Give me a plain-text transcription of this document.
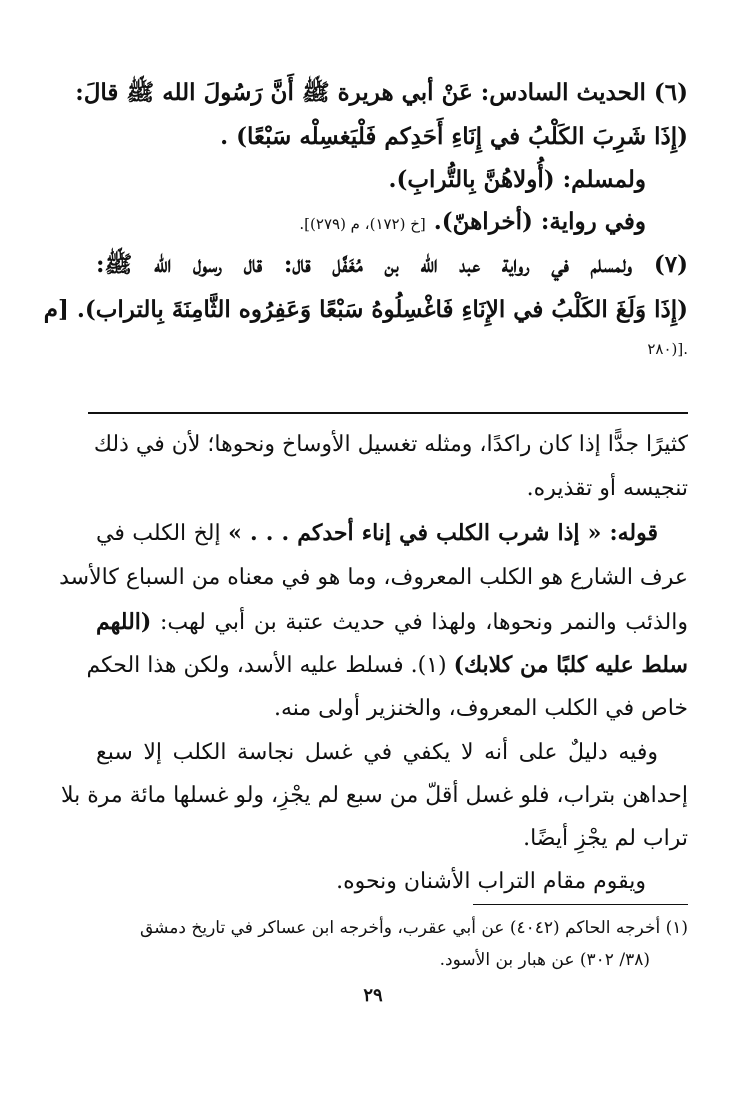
(٦) الحديث السادس: عَنْ أبي هريرة ﷺ أَنَّ رَسُولَ الله ﷺ قالَ:
(إِذَا شَرِبَ الكَلْبُ في إِنَاءِ أَحَدِكم فَلْيَغسِلْه سَبْعًا) .
ولمسلم: (أُولاهُنَّ بِالتُّرابِ).
وفي رواية: (أخراهنّ). [خ (١٧٢)، م (٢٧٩)].
(٧) ولمسلم في رواية عبد الله بن مُغَفَّل قال: قال رسول الله ﷺ:
(إِذَا وَلَغَ الكَلْبُ في الإِنَاءِ فَاغْسِلُوهُ سَبْعًا وَعَفِرُوه الثَّامِنَةَ بِالتراب). [م
.[(٢٨٠
كثيرًا جدًّا إذا كان راكدًا، ومثله تغسيل الأوساخ ونحوها؛ لأن في ذلك
تنجيسه أو تقذيره.
قوله: « إذا شرب الكلب في إناء أحدكم . . . » إلخ الكلب في
عرف الشارع هو الكلب المعروف، وما هو في معناه من السباع كالأسد
والذئب والنمر ونحوها، ولهذا في حديث عتبة بن أبي لهب: (اللهم
سلط عليه كلبًا من كلابك) (١). فسلط عليه الأسد، ولكن هذا الحكم
خاص في الكلب المعروف، والخنزير أولى منه.
وفيه دليلٌ على أنه لا يكفي في غسل نجاسة الكلب إلا سبع
إحداهن بتراب، فلو غسل أقلّ من سبع لم يجْزِ، ولو غسلها مائة مرة بلا
تراب لم يجْزِ أيضًا.
ويقوم مقام التراب الأشنان ونحوه.
(١) أخرجه الحاكم (٤٠٤٢) عن أبي عقرب، وأخرجه ابن عساكر في تاريخ دمشق
(٣٨/ ٣٠٢) عن هبار بن الأسود.
٢٩
